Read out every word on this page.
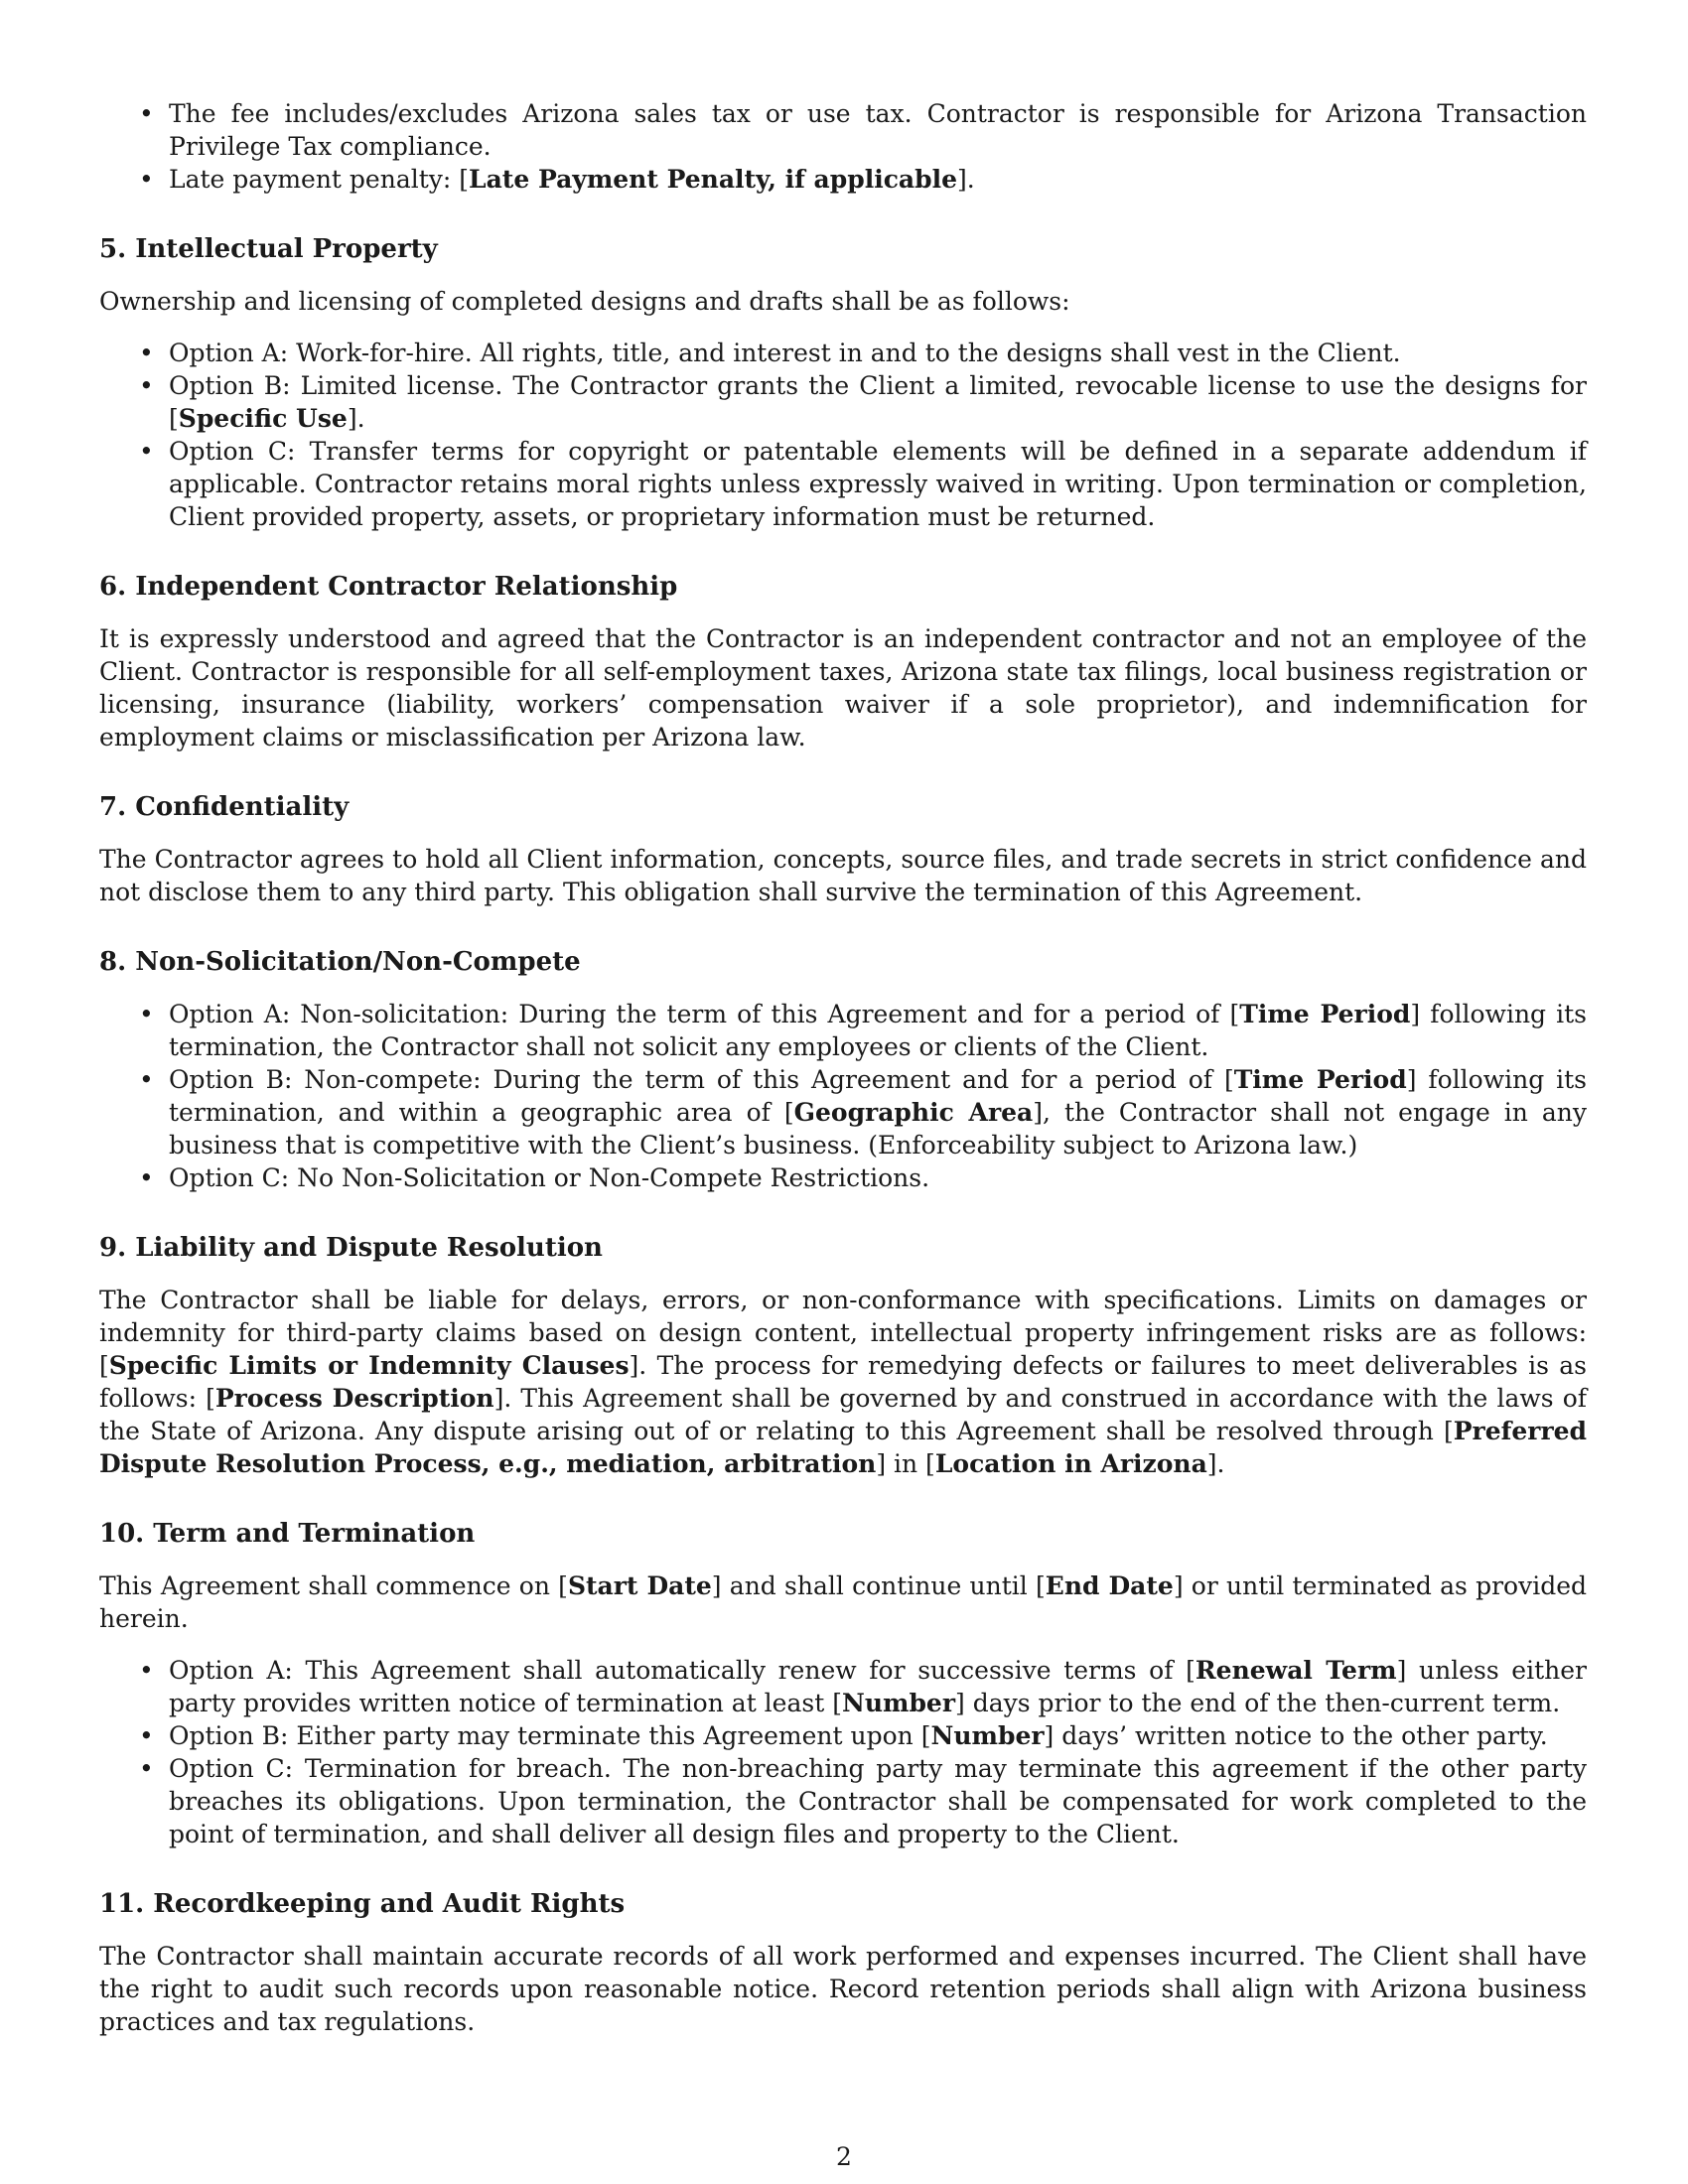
• The fee includes/excludes Arizona sales tax or use tax. Contractor is responsible for Arizona Transaction Privilege Tax compliance.
• Late payment penalty: [Late Payment Penalty, if applicable].
5. Intellectual Property

Ownership and licensing of completed designs and drafts shall be as follows:

• Option A: Work-for-hire. All rights, title, and interest in and to the designs shall vest in the Client.
• Option B: Limited license. The Contractor grants the Client a limited, revocable license to use the designs for [Specific Use].
• Option C: Transfer terms for copyright or patentable elements will be defined in a separate addendum if applicable. Contractor retains moral rights unless expressly waived in writing. Upon termination or completion, Client provided property, assets, or proprietary information must be returned.
6. Independent Contractor Relationship

It is expressly understood and agreed that the Contractor is an independent contractor and not an employee of the Client. Contractor is responsible for all self-employment taxes, Arizona state tax filings, local business registration or licensing, insurance (liability, workers’ compensation waiver if a sole proprietor), and indemnification for employment claims or misclassification per Arizona law.

7. Confidentiality

The Contractor agrees to hold all Client information, concepts, source files, and trade secrets in strict confidence and not disclose them to any third party. This obligation shall survive the termination of this Agreement.

8. Non-Solicitation/Non-Compete
• Option A: Non-solicitation: During the term of this Agreement and for a period of [Time Period] following its termination, the Contractor shall not solicit any employees or clients of the Client.
• Option B: Non-compete: During the term of this Agreement and for a period of [Time Period] following its termination, and within a geographic area of [Geographic Area], the Contractor shall not engage in any business that is competitive with the Client’s business. (Enforceability subject to Arizona law.)
• Option C: No Non-Solicitation or Non-Compete Restrictions.
9. Liability and Dispute Resolution

The Contractor shall be liable for delays, errors, or non-conformance with specifications. Limits on damages or indemnity for third-party claims based on design content, intellectual property infringement risks are as follows: [Specific Limits or Indemnity Clauses]. The process for remedying defects or failures to meet deliverables is as follows: [Process Description]. This Agreement shall be governed by and construed in accordance with the laws of the State of Arizona. Any dispute arising out of or relating to this Agreement shall be resolved through [Preferred Dispute Resolution Process, e.g., mediation, arbitration] in [Location in Arizona].

10. Term and Termination

This Agreement shall commence on [Start Date] and shall continue until [End Date] or until terminated as provided herein.

• Option A: This Agreement shall automatically renew for successive terms of [Renewal Term] unless either party provides written notice of termination at least [Number] days prior to the end of the then-current term.
• Option B: Either party may terminate this Agreement upon [Number] days’ written notice to the other party.
• Option C: Termination for breach. The non-breaching party may terminate this agreement if the other party breaches its obligations. Upon termination, the Contractor shall be compensated for work completed to the point of termination, and shall deliver all design files and property to the Client.
11. Recordkeeping and Audit Rights

The Contractor shall maintain accurate records of all work performed and expenses incurred. The Client shall have the right to audit such records upon reasonable notice. Record retention periods shall align with Arizona business practices and tax regulations.

2
